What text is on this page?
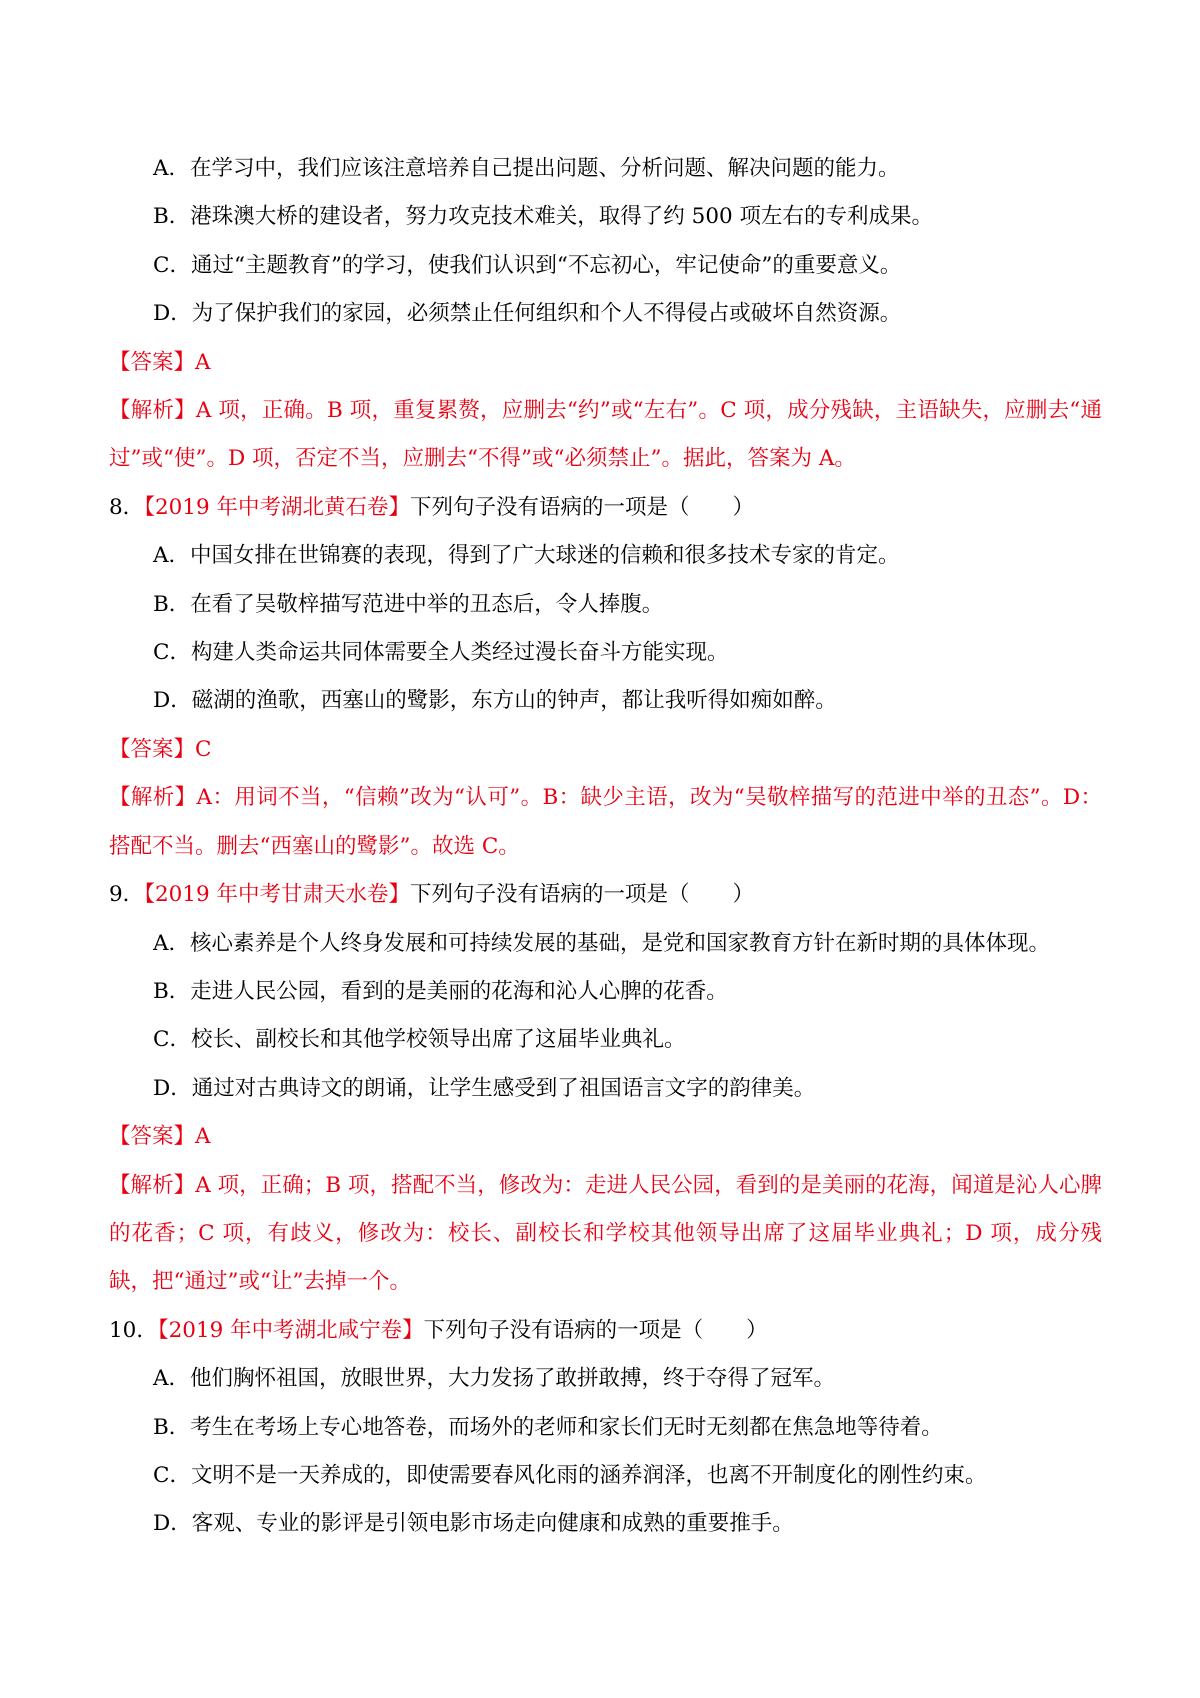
A．在学习中，我们应该注意培养自己提出问题、分析问题、解决问题的能力。
B．港珠澳大桥的建设者，努力攻克技术难关，取得了约 500 项左右的专利成果。
C．通过“主题教育”的学习，使我们认识到“不忘初心，牢记使命”的重要意义。
D．为了保护我们的家园，必须禁止任何组织和个人不得侵占或破坏自然资源。
【答案】A
【解析】A 项，正确。B 项，重复累赘，应删去“约”或“左右”。C 项，成分残缺，主语缺失，应删去“通过”或“使”。D 项，否定不当，应删去“不得”或“必须禁止”。据此，答案为 A。
8．【2019 年中考湖北黄石卷】下列句子没有语病的一项是（　　）
A．中国女排在世锦赛的表现，得到了广大球迷的信赖和很多技术专家的肯定。
B．在看了吴敬梓描写范进中举的丑态后，令人捧腹。
C．构建人类命运共同体需要全人类经过漫长奋斗方能实现。
D．磁湖的渔歌，西塞山的鹭影，东方山的钟声，都让我听得如痴如醉。
【答案】C
【解析】A：用词不当，“信赖”改为“认可”。B：缺少主语，改为“吴敬梓描写的范进中举的丑态”。D：搭配不当。删去“西塞山的鹭影”。故选 C。
9．【2019 年中考甘肃天水卷】下列句子没有语病的一项是（　　）
A．核心素养是个人终身发展和可持续发展的基础，是党和国家教育方针在新时期的具体体现。
B．走进人民公园，看到的是美丽的花海和沁人心脾的花香。
C．校长、副校长和其他学校领导出席了这届毕业典礼。
D．通过对古典诗文的朗诵，让学生感受到了祖国语言文字的韵律美。
【答案】A
【解析】A 项，正确；B 项，搭配不当，修改为：走进人民公园，看到的是美丽的花海，闻道是沁人心脾的花香；C 项，有歧义，修改为：校长、副校长和学校其他领导出席了这届毕业典礼；D 项，成分残缺，把“通过”或“让”去掉一个。
10．【2019 年中考湖北咸宁卷】下列句子没有语病的一项是（　　）
A．他们胸怀祖国，放眼世界，大力发扬了敢拼敢搏，终于夺得了冠军。
B．考生在考场上专心地答卷，而场外的老师和家长们无时无刻都在焦急地等待着。
C．文明不是一天养成的，即使需要春风化雨的涵养润泽，也离不开制度化的刚性约束。
D．客观、专业的影评是引领电影市场走向健康和成熟的重要推手。
